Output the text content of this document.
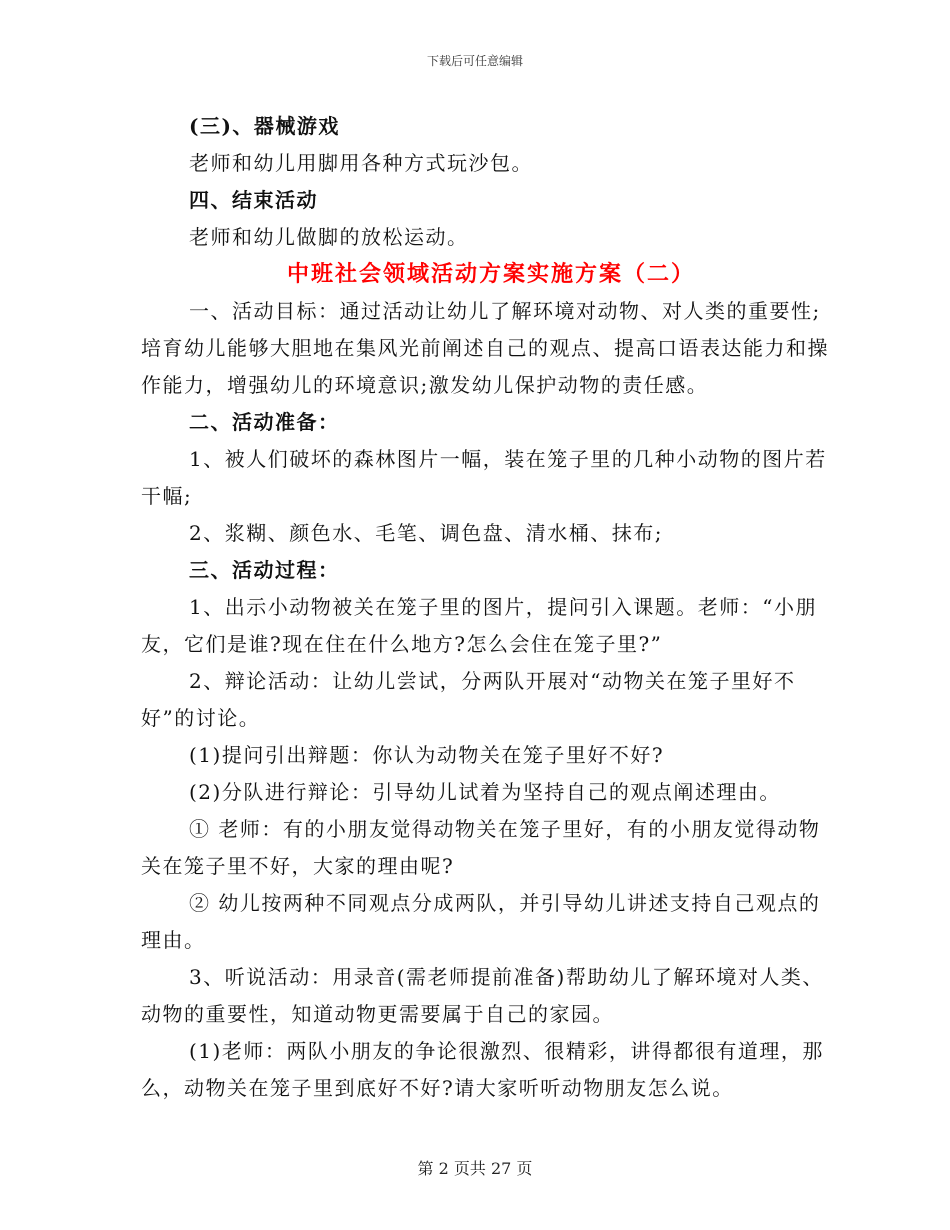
下载后可任意编辑

(三)、器械游戏

老师和幼儿用脚用各种方式玩沙包。

四、结束活动

老师和幼儿做脚的放松运动。

中班社会领域活动方案实施方案（二）

一、活动目标：通过活动让幼儿了解环境对动物、对人类的重要性;培育幼儿能够大胆地在集风光前阐述自己的观点、提高口语表达能力和操作能力，增强幼儿的环境意识;激发幼儿保护动物的责任感。

二、活动准备：

1、被人们破坏的森林图片一幅，装在笼子里的几种小动物的图片若干幅;

2、浆糊、颜色水、毛笔、调色盘、清水桶、抹布;

三、活动过程：

1、出示小动物被关在笼子里的图片，提问引入课题。老师：“小朋友，它们是谁?现在住在什么地方?怎么会住在笼子里?”

2、辩论活动：让幼儿尝试，分两队开展对“动物关在笼子里好不好”的讨论。

(1)提问引出辩题：你认为动物关在笼子里好不好?

(2)分队进行辩论：引导幼儿试着为坚持自己的观点阐述理由。

① 老师：有的小朋友觉得动物关在笼子里好，有的小朋友觉得动物关在笼子里不好，大家的理由呢?

② 幼儿按两种不同观点分成两队，并引导幼儿讲述支持自己观点的理由。

3、听说活动：用录音(需老师提前准备)帮助幼儿了解环境对人类、动物的重要性，知道动物更需要属于自己的家园。

(1)老师：两队小朋友的争论很激烈、很精彩，讲得都很有道理，那么，动物关在笼子里到底好不好?请大家听听动物朋友怎么说。

第 2 页共 27 页
